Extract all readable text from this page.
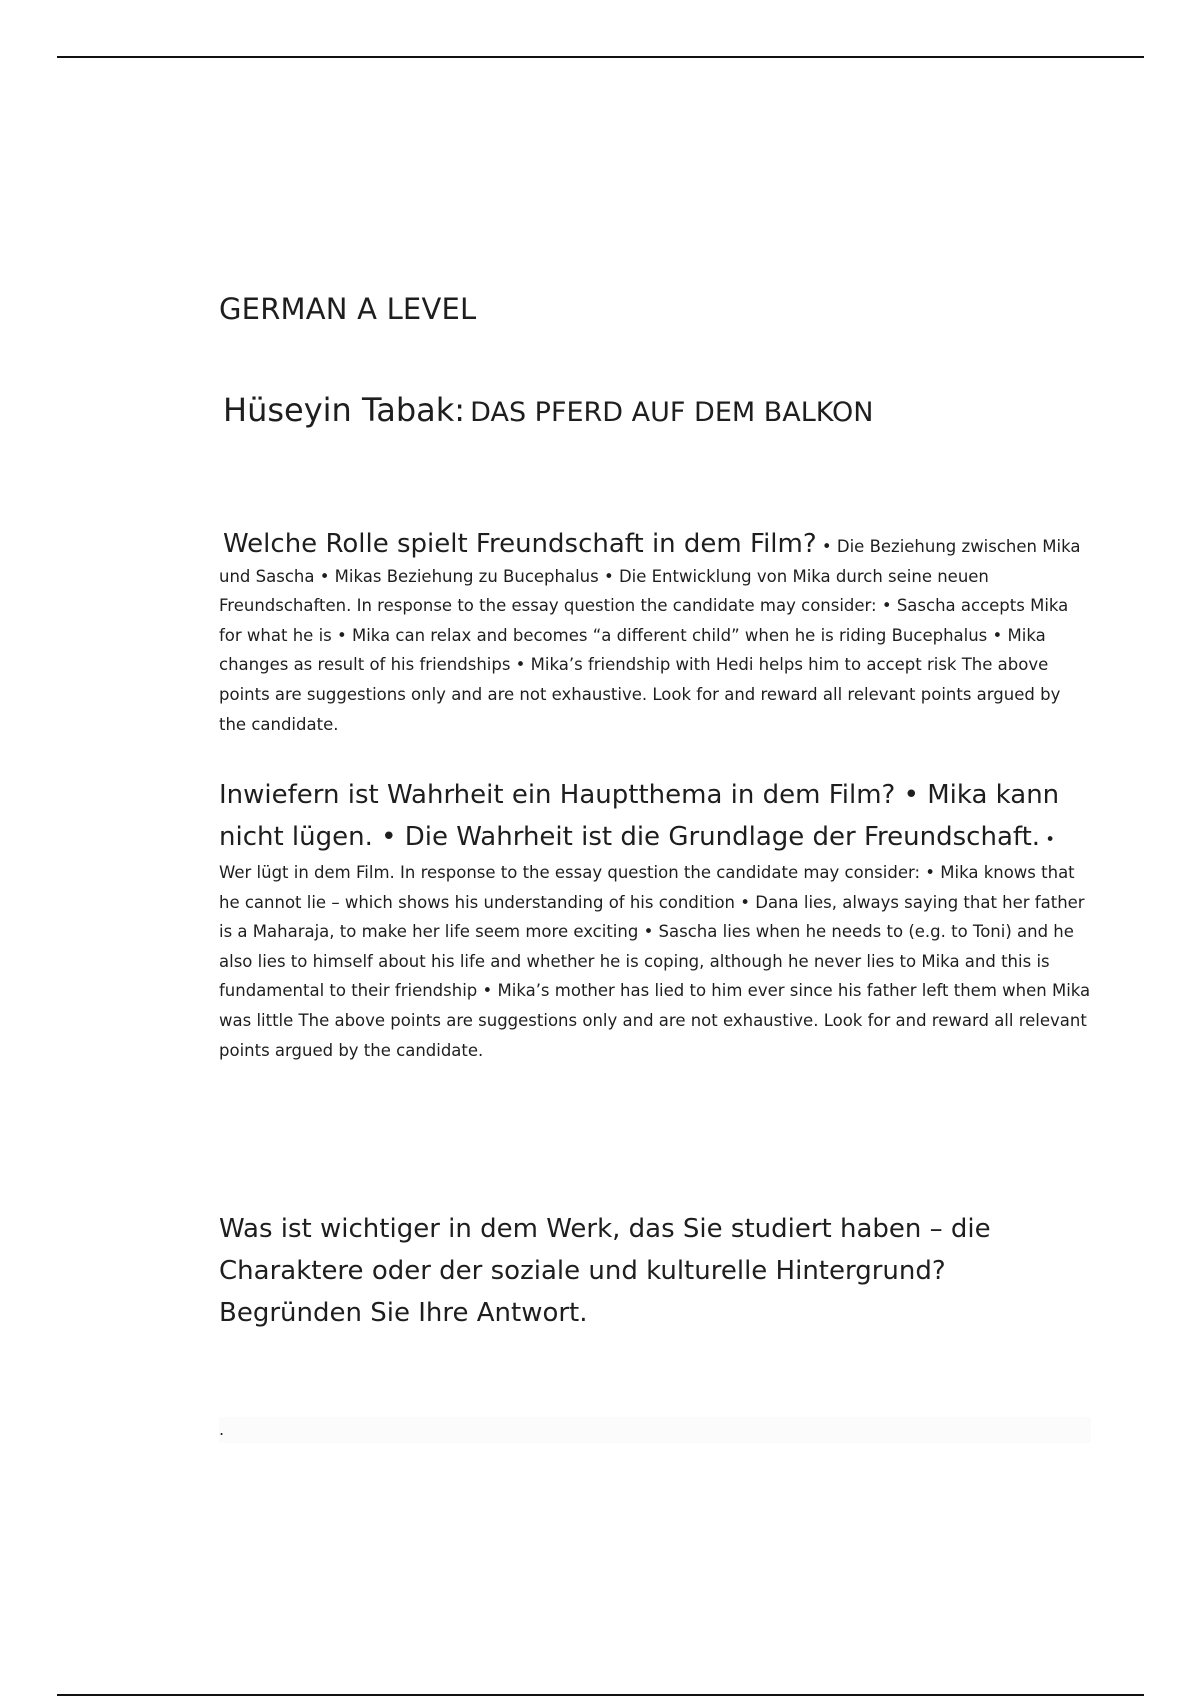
GERMAN A LEVEL
Hüseyin Tabak: DAS PFERD AUF DEM BALKON
Welche Rolle spielt Freundschaft in dem Film? • Die Beziehung zwischen Mika und Sascha • Mikas Beziehung zu Bucephalus • Die Entwicklung von Mika durch seine neuen Freundschaften. In response to the essay question the candidate may consider: • Sascha accepts Mika for what he is • Mika can relax and becomes “a different child” when he is riding Bucephalus • Mika changes as result of his friendships • Mika’s friendship with Hedi helps him to accept risk The above points are suggestions only and are not exhaustive. Look for and reward all relevant points argued by the candidate.
Inwiefern ist Wahrheit ein Hauptthema in dem Film? • Mika kann nicht lügen. • Die Wahrheit ist die Grundlage der Freundschaft. • Wer lügt in dem Film. In response to the essay question the candidate may consider: • Mika knows that he cannot lie – which shows his understanding of his condition • Dana lies, always saying that her father is a Maharaja, to make her life seem more exciting • Sascha lies when he needs to (e.g. to Toni) and he also lies to himself about his life and whether he is coping, although he never lies to Mika and this is fundamental to their friendship • Mika’s mother has lied to him ever since his father left them when Mika was little The above points are suggestions only and are not exhaustive. Look for and reward all relevant points argued by the candidate.
Was ist wichtiger in dem Werk, das Sie studiert haben – die Charaktere oder der soziale und kulturelle Hintergrund? Begründen Sie Ihre Antwort.
.
